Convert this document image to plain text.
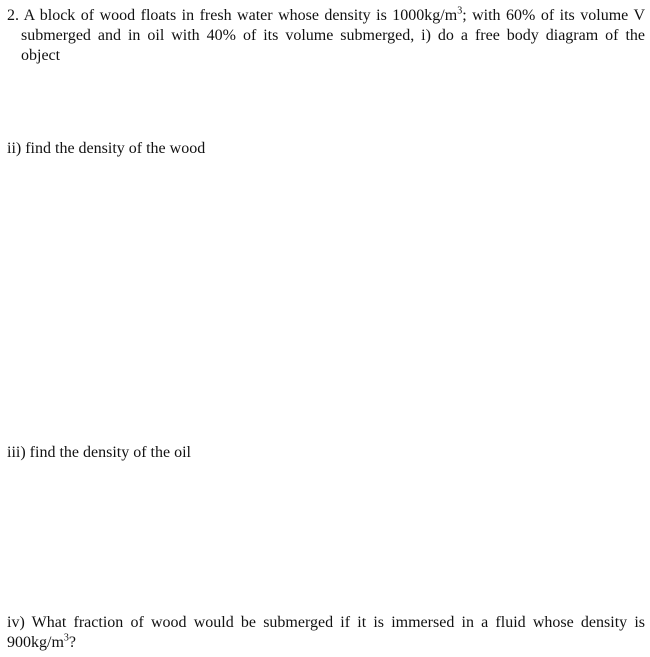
2. A block of wood floats in fresh water whose density is $1000kg/m^3$; with 60% of its volume V
submerged and in oil with 40% of its volume submerged, i) do a free body diagram of the
object

ii) find the density of the wood

iii) find the density of the oil

iv) What fraction of wood would be submerged if it is immersed in a fluid whose density is
$900kg/m^3$?
